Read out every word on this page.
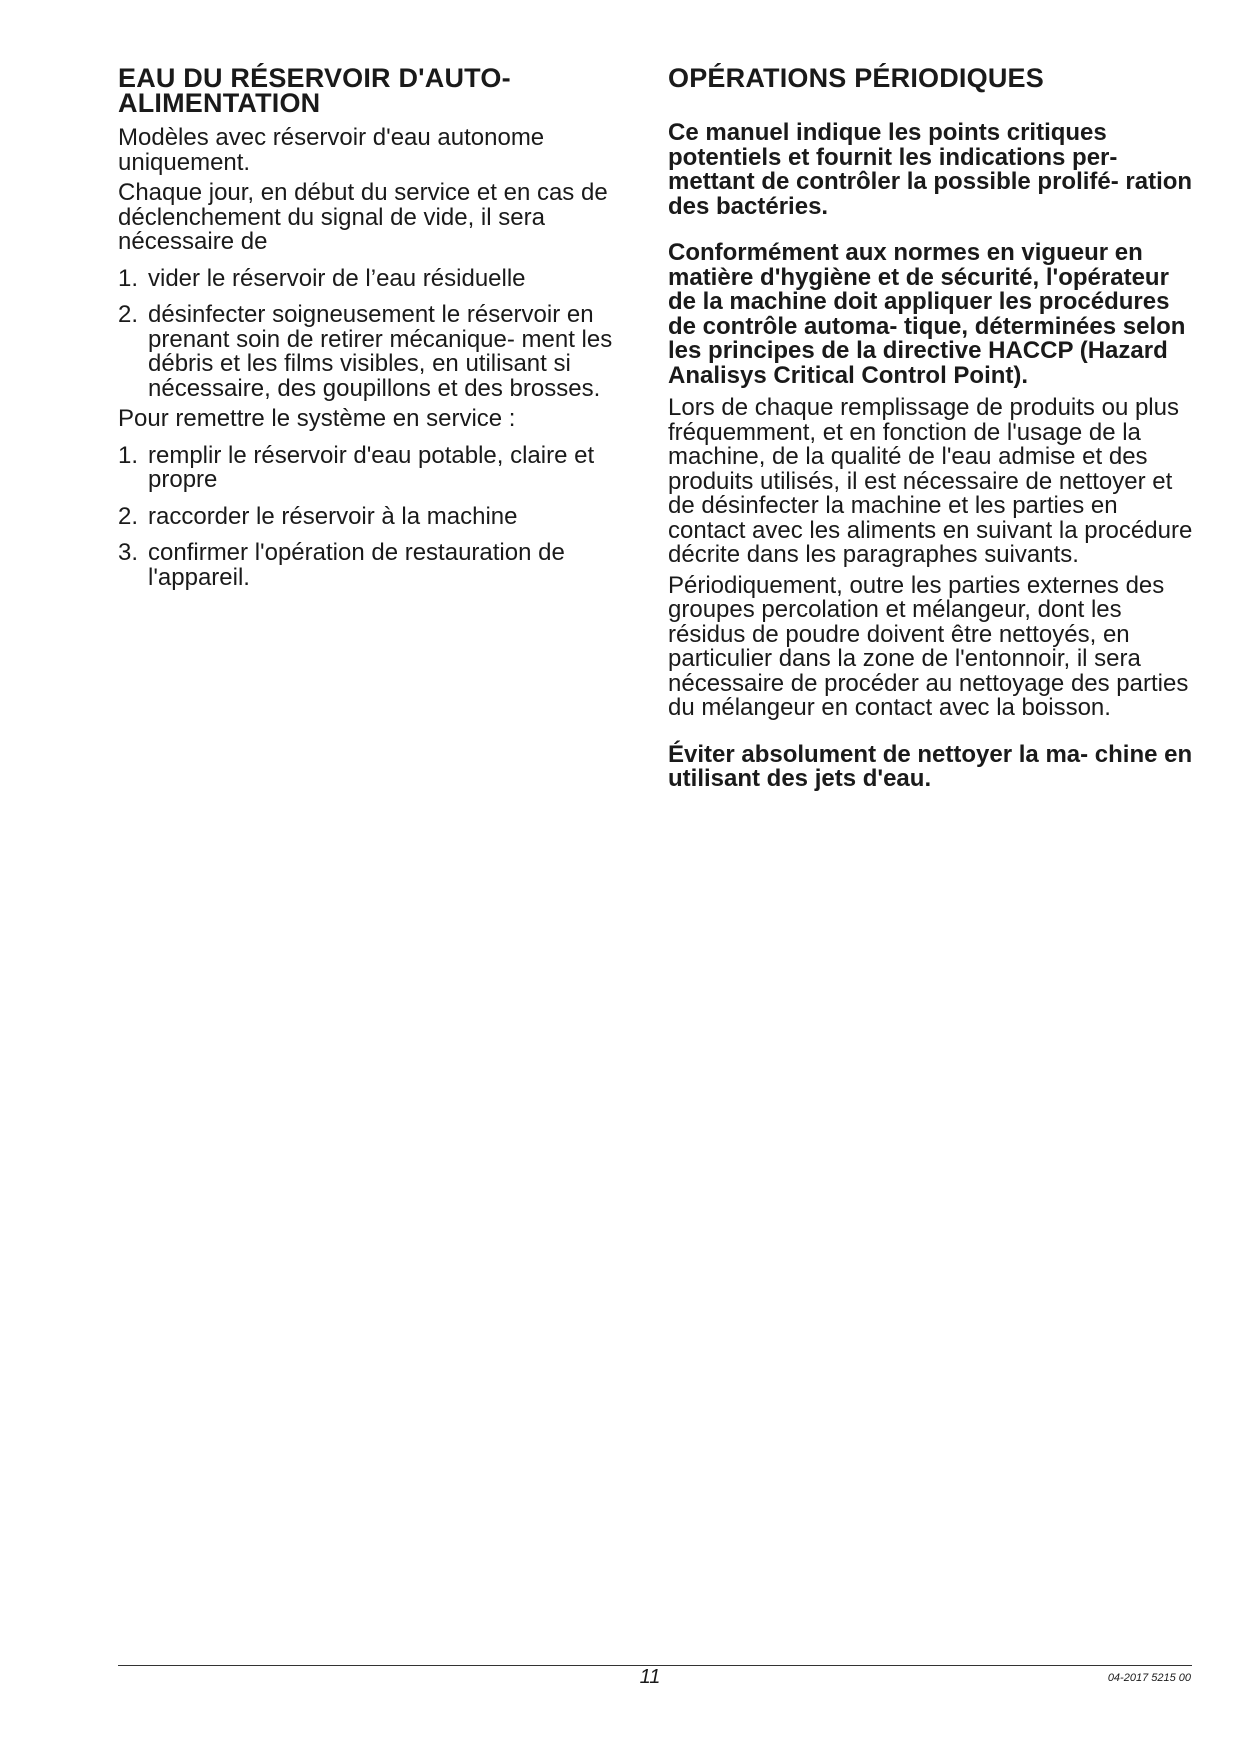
EAU DU RÉSERVOIR D'AUTO-
ALIMENTATION

Modèles avec réservoir d'eau autonome uniquement.

Chaque jour, en début du service et en cas de déclenchement du signal de vide, il sera nécessaire de

1. vider le réservoir de l’eau résiduelle
2. désinfecter soigneusement le réservoir en prenant soin de retirer mécanique- ment les débris et les films visibles, en utilisant si nécessaire, des goupillons et des brosses.

Pour remettre le système en service :

1. remplir le réservoir d'eau potable, claire et propre
2. raccorder le réservoir à la machine
3. confirmer l'opération de restauration de l'appareil.
OPÉRATIONS PÉRIODIQUES

Ce manuel indique les points critiques potentiels et fournit les indications per- mettant de contrôler la possible prolifé- ration des bactéries.

Conformément aux normes en vigueur en matière d'hygiène et de sécurité, l'opérateur de la machine doit appliquer les procédures de contrôle automa- tique, déterminées selon les principes de la directive HACCP (Hazard Analisys Critical Control Point).

Lors de chaque remplissage de produits ou plus fréquemment, et en fonction de l'usage de la machine, de la qualité de l'eau admise et des produits utilisés, il est nécessaire de nettoyer et de désinfecter la machine et les parties en contact avec les aliments en suivant la procédure décrite dans les paragraphes suivants.

Périodiquement, outre les parties externes des groupes percolation et mélangeur, dont les résidus de poudre doivent être nettoyés, en particulier dans la zone de l'entonnoir, il sera nécessaire de procéder au nettoyage des parties du mélangeur en contact avec la boisson.

Éviter absolument de nettoyer la ma- chine en utilisant des jets d'eau.

11	04-2017 5215 00
